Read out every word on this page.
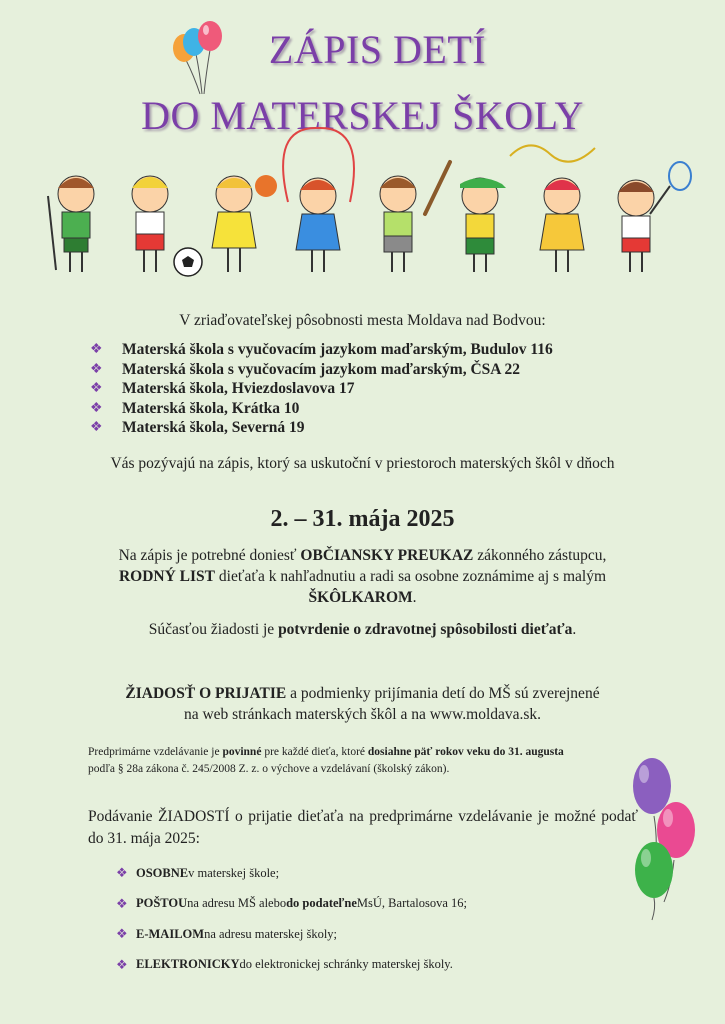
ZÁPIS DETÍ
DO MATERSKEJ ŠKOLY
V zriaďovateľskej pôsobnosti mesta Moldava nad Bodvou:
❖	Materská škola s vyučovacím jazykom maďarským, Budulov 116
❖	Materská škola s vyučovacím jazykom maďarským, ČSA 22
❖	Materská škola, Hviezdoslavova 17
❖	Materská škola, Krátka 10
❖	Materská škola, Severná 19
Vás pozývajú na zápis, ktorý sa uskutoční v priestoroch materských škôl v dňoch
2. – 31. mája 2025

Na zápis je potrebné doniesť OBČIANSKY PREUKAZ zákonného zástupcu,
RODNÝ LIST dieťaťa k nahľadnutiu a radi sa osobne zoznámime aj s malým
ŠKÔLKAROM.

Súčasťou žiadosti je potvrdenie o zdravotnej spôsobilosti dieťaťa.

ŽIADOSŤ O PRIJATIE a podmienky prijímania detí do MŠ sú zverejnené
na web stránkach materských škôl a na www.moldava.sk.

Predprimárne vzdelávanie je povinné pre každé dieťa, ktoré dosiahne päť rokov veku do 31. augusta
podľa § 28a zákona č. 245/2008 Z. z. o výchove a vzdelávaní (školský zákon).

Podávanie ŽIADOSTÍ o prijatie dieťaťa na predprimárne vzdelávanie je možné podať do 31. mája 2025:

❖ OSOBNE v materskej škole;
❖ POŠTOU na adresu MŠ alebo do podateľne MsÚ, Bartalosova 16;
❖ E-MAILOM na adresu materskej školy;
❖ ELEKTRONICKY do elektronickej schránky materskej školy.
